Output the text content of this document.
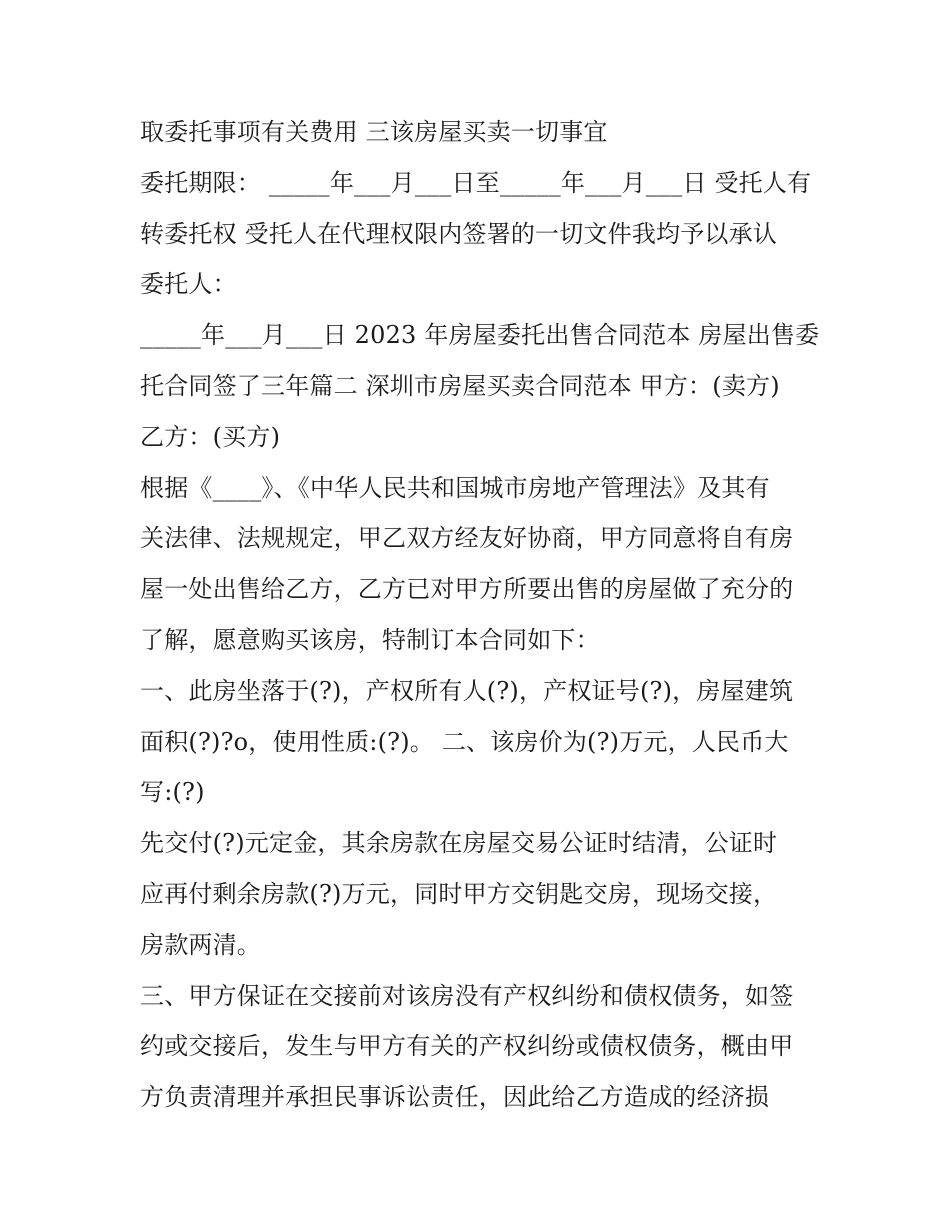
取委托事项有关费用 三该房屋买卖一切事宜
委托期限： _____年___月___日至_____年___月___日 受托人有
转委托权 受托人在代理权限内签署的一切文件我均予以承认
委托人：
_____年___月___日 2023 年房屋委托出售合同范本 房屋出售委
托合同签了三年篇二 深圳市房屋买卖合同范本 甲方：(卖方)
乙方：(买方)
根据《____》、《中华人民共和国城市房地产管理法》及其有
关法律、法规规定，甲乙双方经友好协商，甲方同意将自有房
屋一处出售给乙方，乙方已对甲方所要出售的房屋做了充分的
了解，愿意购买该房，特制订本合同如下：
一、此房坐落于(?)，产权所有人(?)，产权证号(?)，房屋建筑
面积(?)?o，使用性质:(?)。 二、该房价为(?)万元，人民币大
写:(?)
先交付(?)元定金，其余房款在房屋交易公证时结清，公证时
应再付剩余房款(?)万元，同时甲方交钥匙交房，现场交接，
房款两清。
三、甲方保证在交接前对该房没有产权纠纷和债权债务，如签
约或交接后，发生与甲方有关的产权纠纷或债权债务，概由甲
方负责清理并承担民事诉讼责任，因此给乙方造成的经济损
